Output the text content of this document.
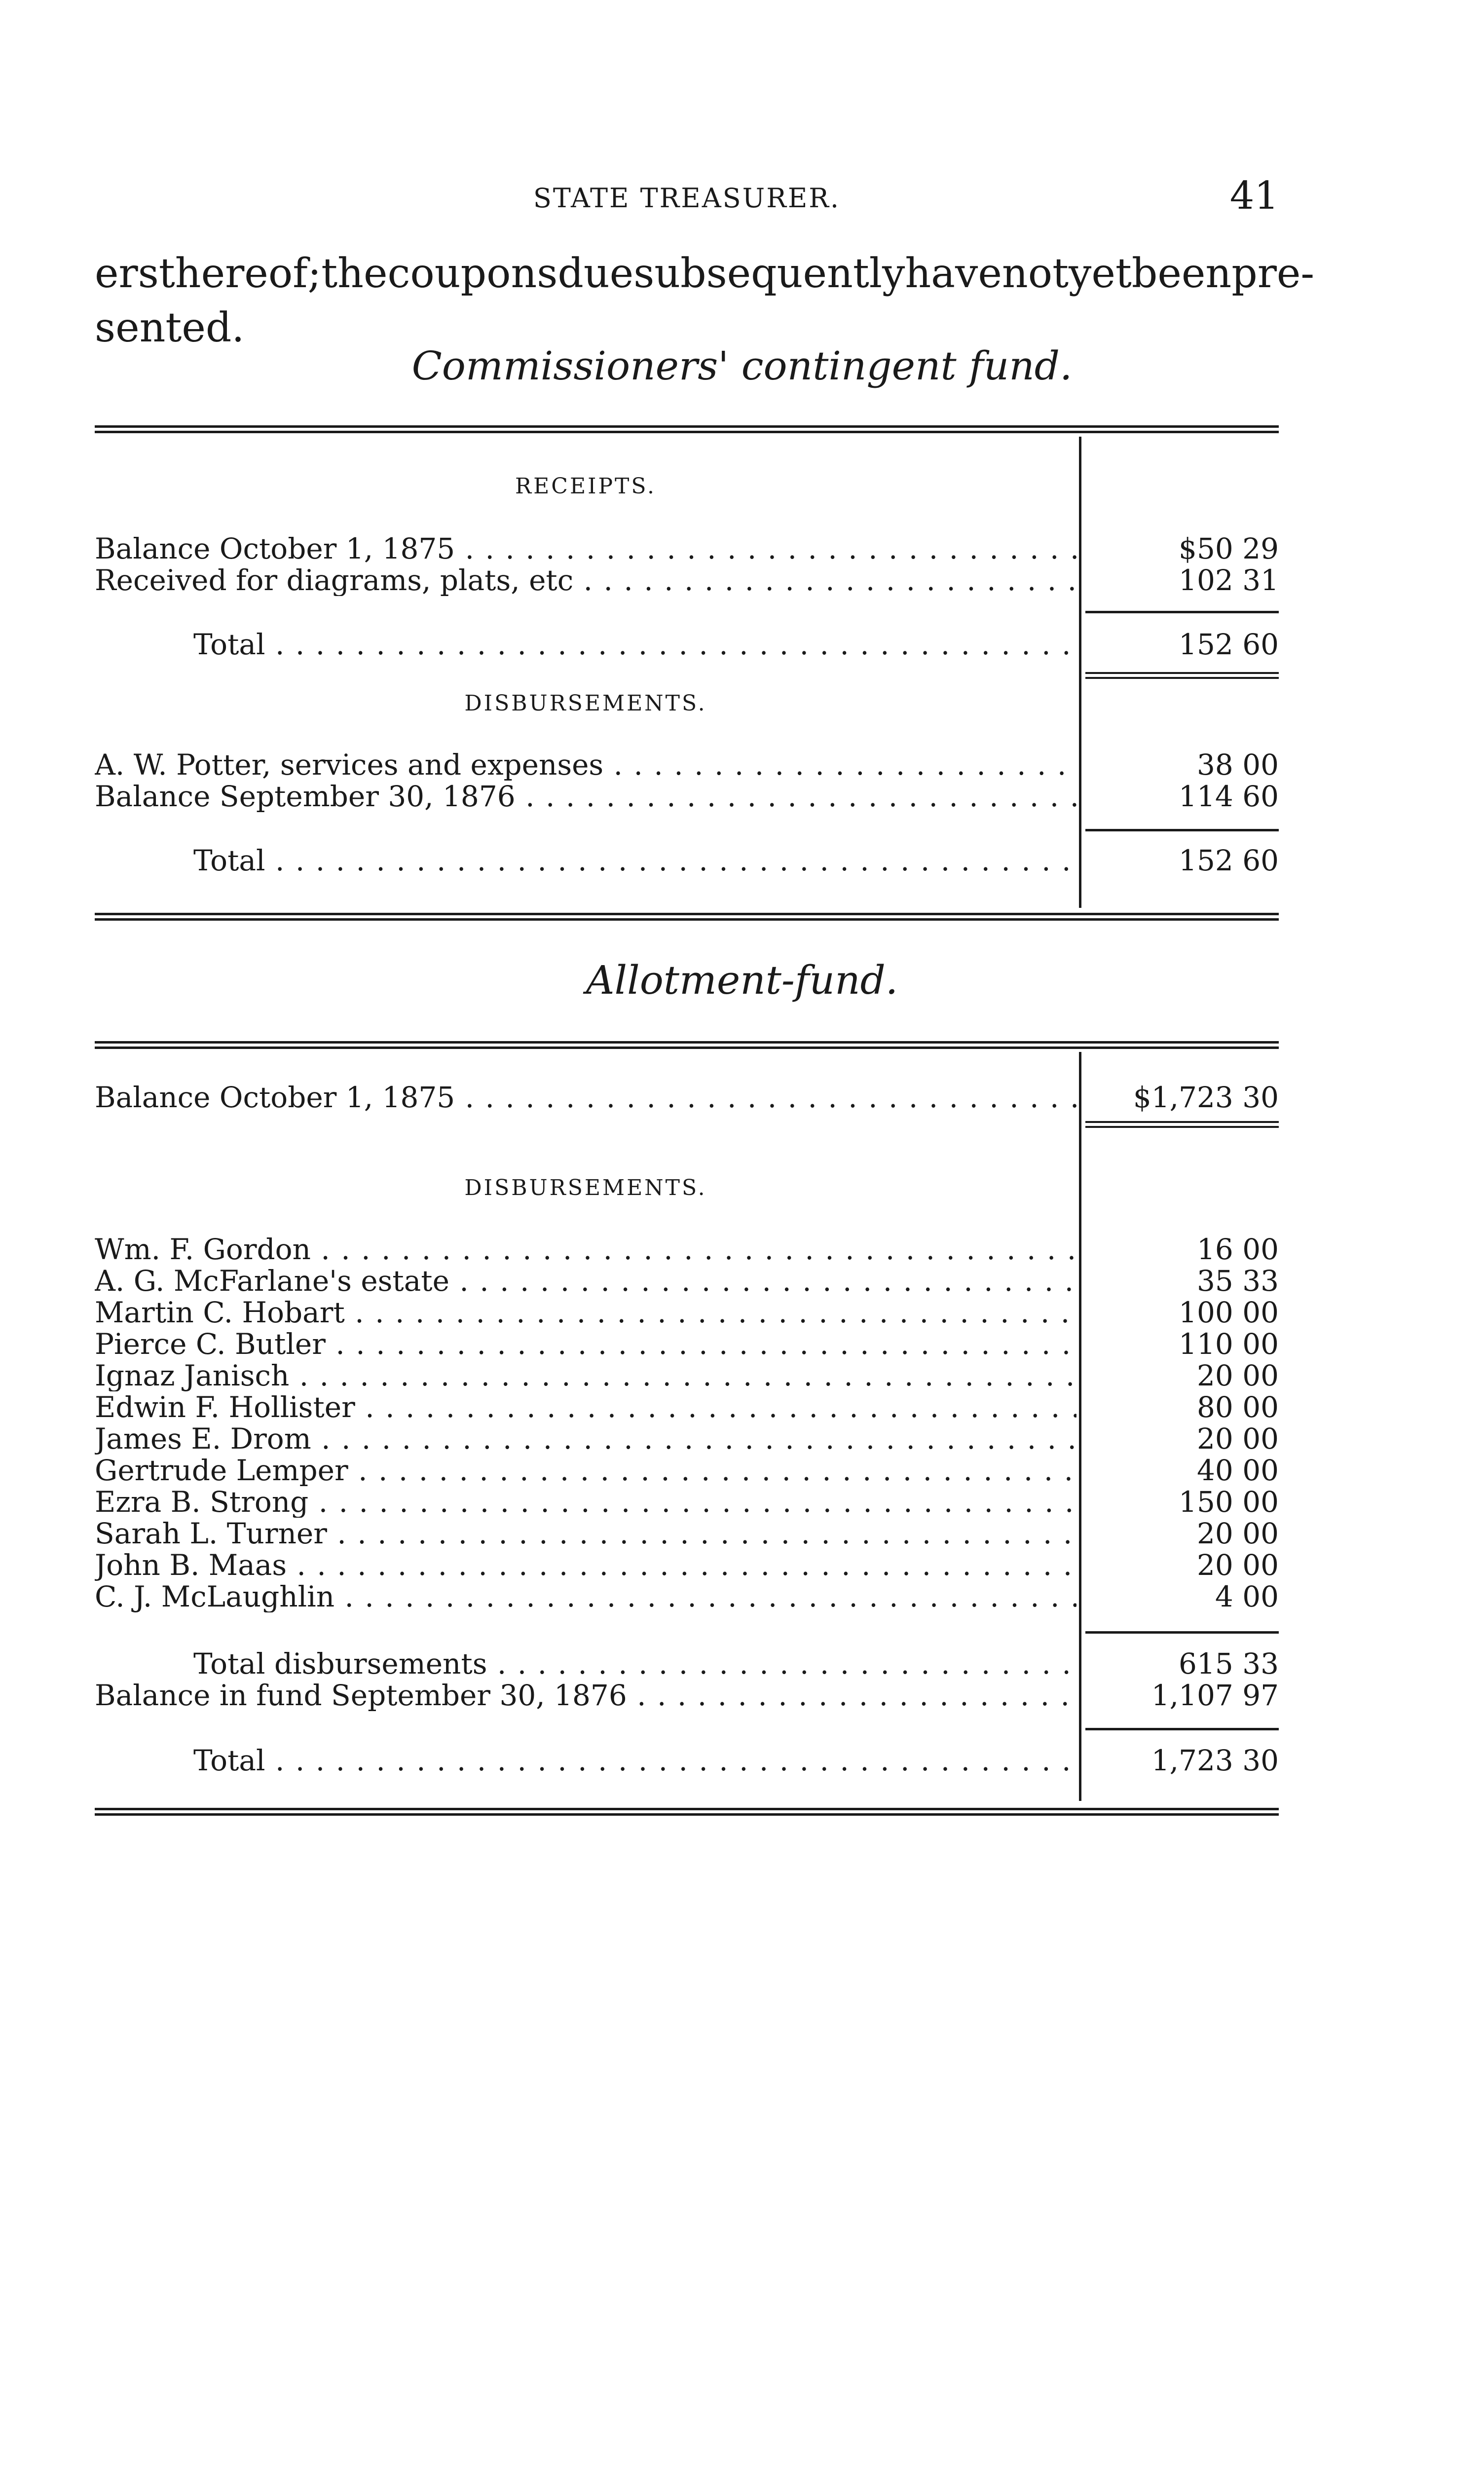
STATE TREASURER.	41
ers thereof; the coupons due subsequently have not yet been pre-
sented.
Commissioners' contingent fund.
RECEIPTS.
Balance October 1, 1875 . . .	$50 29
Received for diagrams, plats, etc . . .	102 31
Total . . .	152 60
DISBURSEMENTS.
A. W. Potter, services and expenses . . .	38 00
Balance September 30, 1876 . . .	114 60
Total . . .	152 60
Allotment-fund.
Balance October 1, 1875 . . .	$1,723 30
DISBURSEMENTS.
Wm. F. Gordon . . .	16 00
A. G. McFarlane's estate . . .	35 33
Martin C. Hobart . . .	100 00
Pierce C. Butler . . .	110 00
Ignaz Janisch . . .	20 00
Edwin F. Hollister . . .	80 00
James E. Drom . . .	20 00
Gertrude Lemper . . .	40 00
Ezra B. Strong . . .	150 00
Sarah L. Turner . . .	20 00
John B. Maas . . .	20 00
C. J. McLaughlin . . .	4 00
Total disbursements . . .	615 33
Balance in fund September 30, 1876 . . .	1,107 97
Total . . .	1,723 30
